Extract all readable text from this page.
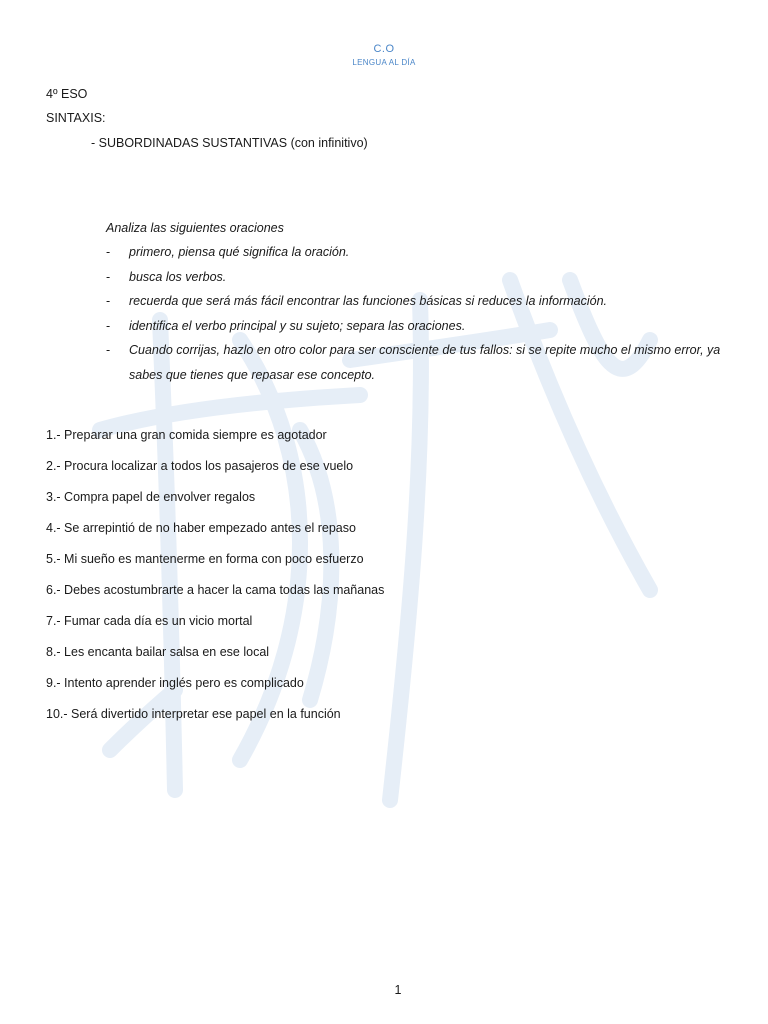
C.O
LENGUA AL DÍA
4º ESO
SINTAXIS:
- SUBORDINADAS SUSTANTIVAS (con infinitivo)
Analiza las siguientes oraciones
- primero, piensa qué significa la oración.
- busca los verbos.
- recuerda que será más fácil encontrar las funciones básicas si reduces la información.
- identifica el verbo principal y su sujeto; separa las oraciones.
- Cuando corrijas, hazlo en otro color para ser consciente de tus fallos: si se repite mucho el mismo error, ya sabes que tienes que repasar ese concepto.
1.- Preparar una gran comida siempre es agotador
2.- Procura localizar a todos los pasajeros de ese vuelo
3.- Compra papel de envolver regalos
4.- Se arrepintió de no haber empezado antes el repaso
5.- Mi sueño es mantenerme en forma con poco esfuerzo
6.- Debes acostumbrarte a hacer la cama todas las mañanas
7.- Fumar cada día es un vicio mortal
8.- Les encanta bailar salsa en ese local
9.- Intento aprender inglés pero es complicado
10.- Será divertido interpretar ese papel en la función
1
